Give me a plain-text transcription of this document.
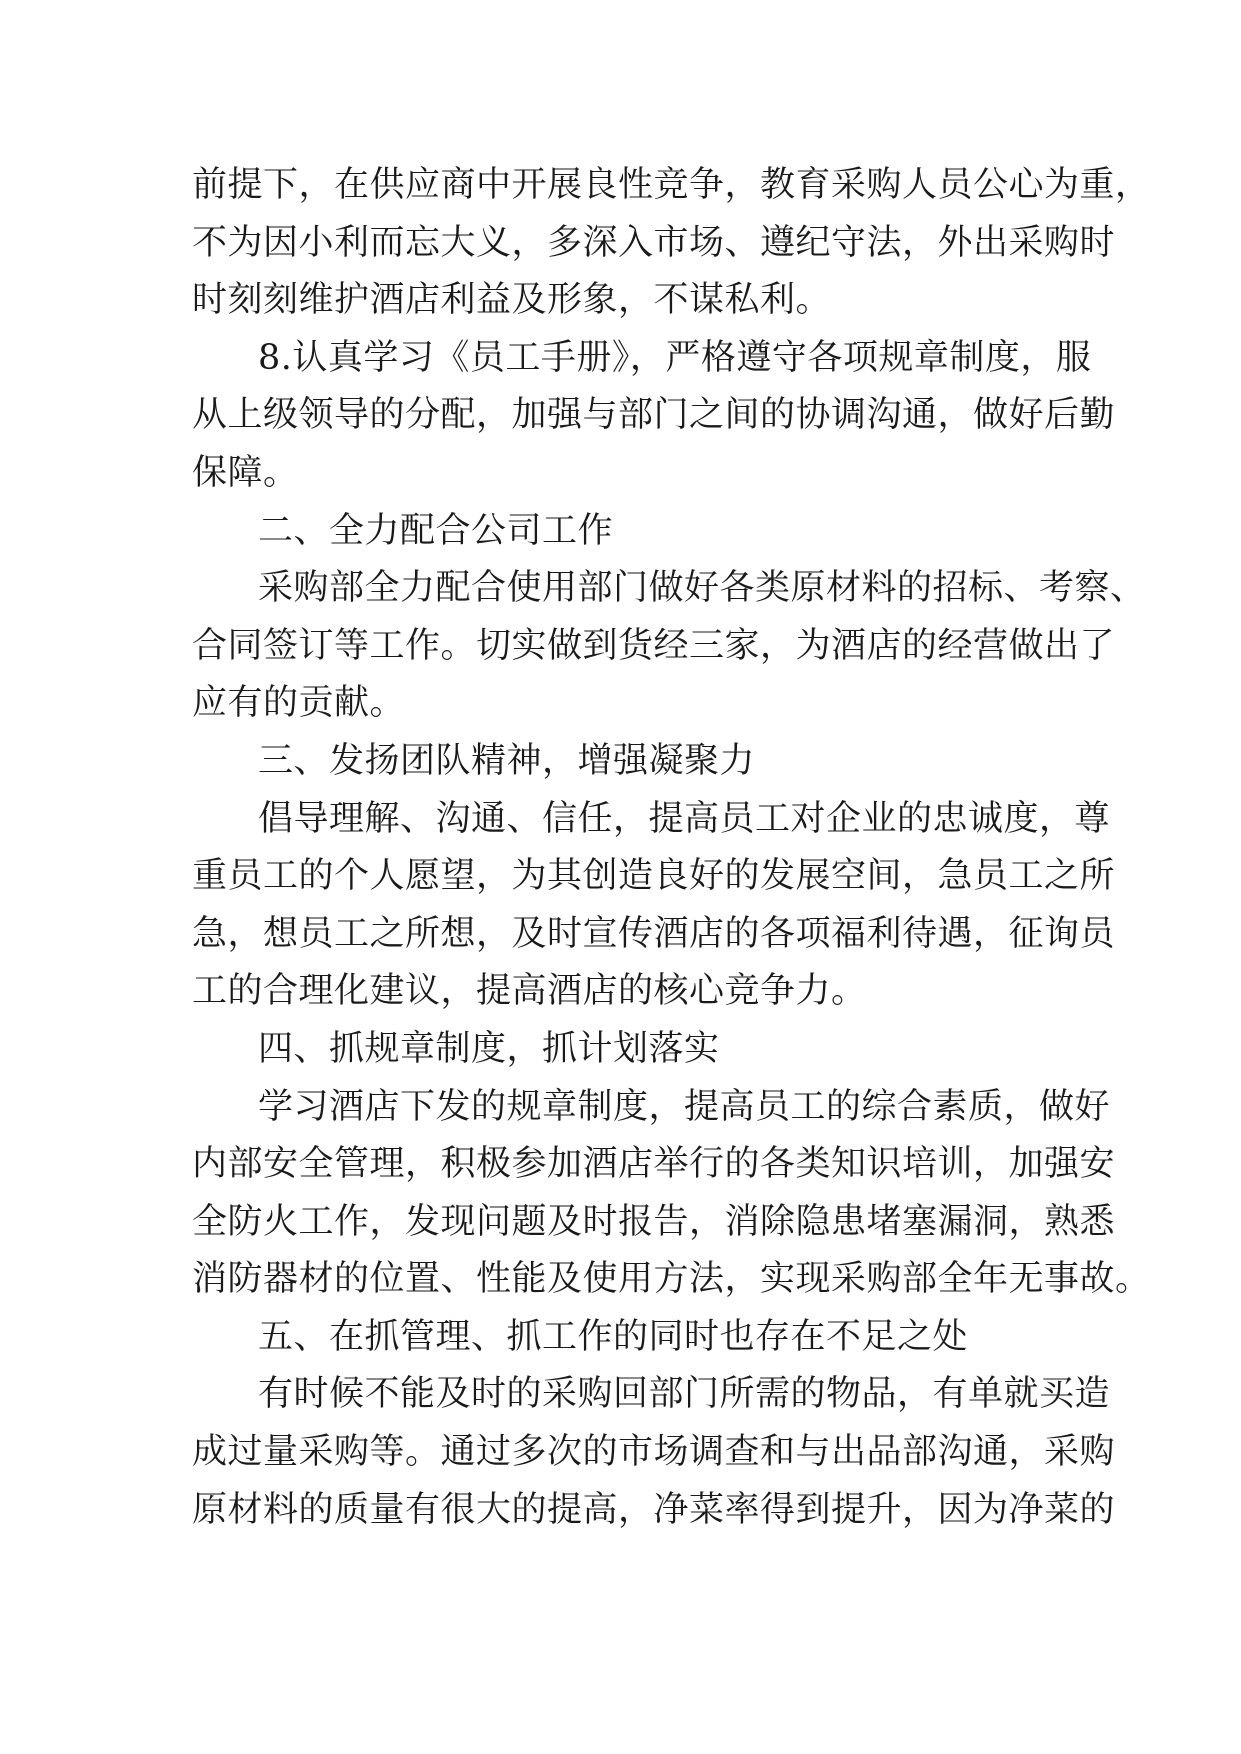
前提下，在供应商中开展良性竞争，教育采购人员公心为重，
不为因小利而忘大义，多深入市场、遵纪守法，外出采购时
时刻刻维护酒店利益及形象，不谋私利。
8.认真学习《员工手册》，严格遵守各项规章制度，服
从上级领导的分配，加强与部门之间的协调沟通，做好后勤
保障。
二、全力配合公司工作
采购部全力配合使用部门做好各类原材料的招标、考察、
合同签订等工作。切实做到货经三家，为酒店的经营做出了
应有的贡献。
三、发扬团队精神，增强凝聚力
倡导理解、沟通、信任，提高员工对企业的忠诚度，尊
重员工的个人愿望，为其创造良好的发展空间，急员工之所
急，想员工之所想，及时宣传酒店的各项福利待遇，征询员
工的合理化建议，提高酒店的核心竞争力。
四、抓规章制度，抓计划落实
学习酒店下发的规章制度，提高员工的综合素质，做好
内部安全管理，积极参加酒店举行的各类知识培训，加强安
全防火工作，发现问题及时报告，消除隐患堵塞漏洞，熟悉
消防器材的位置、性能及使用方法，实现采购部全年无事故。
五、在抓管理、抓工作的同时也存在不足之处
有时候不能及时的采购回部门所需的物品，有单就买造
成过量采购等。通过多次的市场调查和与出品部沟通，采购
原材料的质量有很大的提高，净菜率得到提升，因为净菜的
